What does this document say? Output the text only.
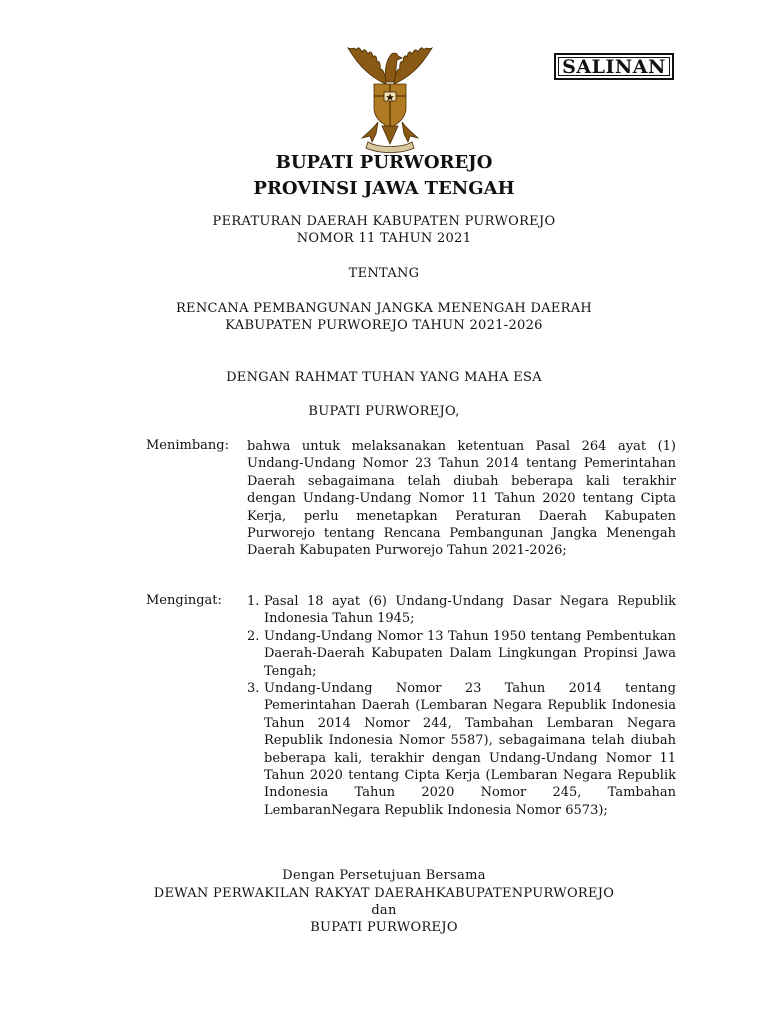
SALINAN
BUPATI PURWOREJO
PROVINSI JAWA TENGAH
PERATURAN DAERAH KABUPATEN PURWOREJO
NOMOR 11 TAHUN 2021
TENTANG
RENCANA PEMBANGUNAN JANGKA MENENGAH DAERAH
KABUPATEN PURWOREJO TAHUN 2021-2026
DENGAN RAHMAT TUHAN YANG MAHA ESA
BUPATI PURWOREJO,
Menimbang: bahwa untuk melaksanakan ketentuan Pasal 264 ayat (1) Undang-Undang Nomor 23 Tahun 2014 tentang Pemerintahan Daerah sebagaimana telah diubah beberapa kali terakhir dengan Undang-Undang Nomor 11 Tahun 2020 tentang Cipta Kerja, perlu menetapkan Peraturan Daerah Kabupaten Purworejo tentang Rencana Pembangunan Jangka Menengah Daerah Kabupaten Purworejo Tahun 2021-2026;
Mengingat: 1. Pasal 18 ayat (6) Undang-Undang Dasar Negara Republik Indonesia Tahun 1945;
2. Undang-Undang Nomor 13 Tahun 1950 tentang Pembentukan Daerah-Daerah Kabupaten Dalam Lingkungan Propinsi Jawa Tengah;
3. Undang-Undang Nomor 23 Tahun 2014 tentang Pemerintahan Daerah (Lembaran Negara Republik Indonesia Tahun 2014 Nomor 244, Tambahan Lembaran Negara Republik Indonesia Nomor 5587), sebagaimana telah diubah beberapa kali, terakhir dengan Undang-Undang Nomor 11 Tahun 2020 tentang Cipta Kerja (Lembaran Negara Republik Indonesia Tahun 2020 Nomor 245, Tambahan LembaranNegara Republik Indonesia Nomor 6573);
Dengan Persetujuan Bersama
DEWAN PERWAKILAN RAKYAT DAERAHKABUPATENPURWOREJO
dan
BUPATI PURWOREJO
